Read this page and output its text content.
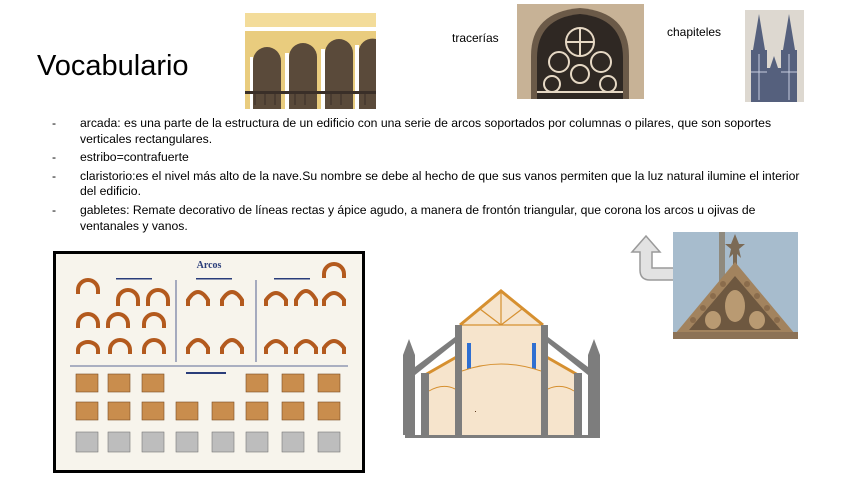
Vocabulario
tracerías	chapiteles
-	arcada: es una parte de la estructura de un edificio con una serie de arcos soportados por columnas o pilares, que son soportes verticales rectangulares.
-	estribo=contrafuerte
-	claristorio:es el nivel más alto de la nave.Su nombre se debe al hecho de que sus vanos permiten que la luz natural ilumine el interior del edificio.
-	gabletes: Remate decorativo de líneas rectas y ápice agudo, a manera de frontón triangular, que corona los arcos u ojivas de ventanales y vanos.
Arcos
